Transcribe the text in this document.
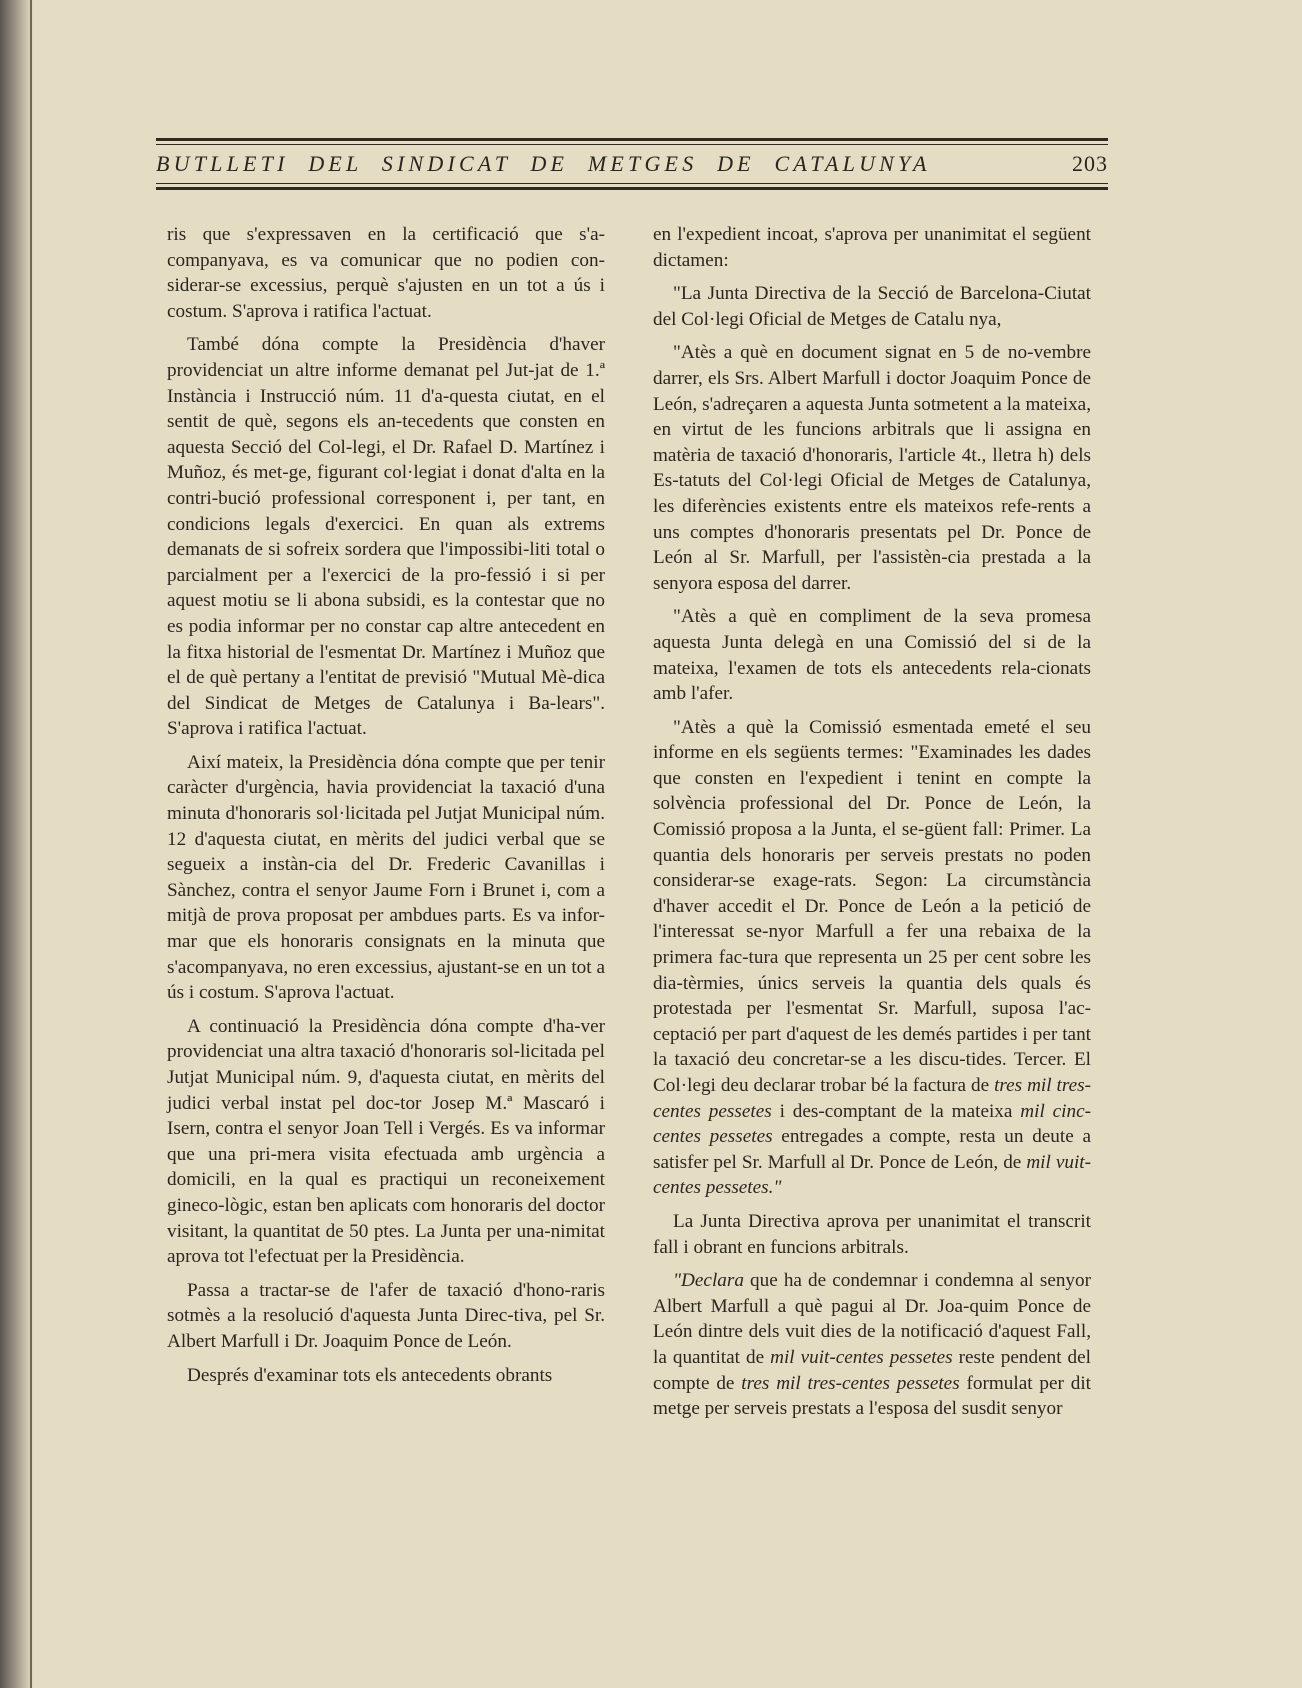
BUTLLETI DEL SINDICAT DE METGES DE CATALUNYA	203

ris que s'expressaven en la certificació que s'a-companyava, es va comunicar que no podien con-siderar-se excessius, perquè s'ajusten en un tot a ús i costum. S'aprova i ratifica l'actuat.

També dóna compte la Presidència d'haver providenciat un altre informe demanat pel Jut-jat de 1.ª Instància i Instrucció núm. 11 d'a-questa ciutat, en el sentit de què, segons els an-tecedents que consten en aquesta Secció del Col-legi, el Dr. Rafael D. Martínez i Muñoz, és met-ge, figurant col·legiat i donat d'alta en la contri-bució professional corresponent i, per tant, en condicions legals d'exercici. En quan als extrems demanats de si sofreix sordera que l'impossibi-liti total o parcialment per a l'exercici de la pro-fessió i si per aquest motiu se li abona subsidi, es la contestar que no es podia informar per no constar cap altre antecedent en la fitxa historial de l'esmentat Dr. Martínez i Muñoz que el de què pertany a l'entitat de previsió "Mutual Mè-dica del Sindicat de Metges de Catalunya i Ba-lears". S'aprova i ratifica l'actuat.

Així mateix, la Presidència dóna compte que per tenir caràcter d'urgència, havia providenciat la taxació d'una minuta d'honoraris sol·licitada pel Jutjat Municipal núm. 12 d'aquesta ciutat, en mèrits del judici verbal que se segueix a instàn-cia del Dr. Frederic Cavanillas i Sànchez, contra el senyor Jaume Forn i Brunet i, com a mitjà de prova proposat per ambdues parts. Es va infor-mar que els honoraris consignats en la minuta que s'acompanyava, no eren excessius, ajustant-se en un tot a ús i costum. S'aprova l'actuat.

A continuació la Presidència dóna compte d'ha-ver providenciat una altra taxació d'honoraris sol-licitada pel Jutjat Municipal núm. 9, d'aquesta ciutat, en mèrits del judici verbal instat pel doc-tor Josep M.ª Mascaró i Isern, contra el senyor Joan Tell i Vergés. Es va informar que una pri-mera visita efectuada amb urgència a domicili, en la qual es practiqui un reconeixement gineco-lògic, estan ben aplicats com honoraris del doctor visitant, la quantitat de 50 ptes. La Junta per una-nimitat aprova tot l'efectuat per la Presidència.

Passa a tractar-se de l'afer de taxació d'hono-raris sotmès a la resolució d'aquesta Junta Direc-tiva, pel Sr. Albert Marfull i Dr. Joaquim Ponce de León.

Després d'examinar tots els antecedents obrants

en l'expedient incoat, s'aprova per unanimitat el següent dictamen:

"La Junta Directiva de la Secció de Barcelona-Ciutat del Col·legi Oficial de Metges de Catalu nya,

"Atès a què en document signat en 5 de no-vembre darrer, els Srs. Albert Marfull i doctor Joaquim Ponce de León, s'adreçaren a aquesta Junta sotmetent a la mateixa, en virtut de les funcions arbitrals que li assigna en matèria de taxació d'honoraris, l'article 4t., lletra h) dels Es-tatuts del Col·legi Oficial de Metges de Catalunya, les diferències existents entre els mateixos refe-rents a uns comptes d'honoraris presentats pel Dr. Ponce de León al Sr. Marfull, per l'assistèn-cia prestada a la senyora esposa del darrer.

"Atès a què en compliment de la seva promesa aquesta Junta delegà en una Comissió del si de la mateixa, l'examen de tots els antecedents rela-cionats amb l'afer.

"Atès a què la Comissió esmentada emeté el seu informe en els següents termes: "Examinades les dades que consten en l'expedient i tenint en compte la solvència professional del Dr. Ponce de León, la Comissió proposa a la Junta, el se-güent fall: Primer. La quantia dels honoraris per serveis prestats no poden considerar-se exage-rats. Segon: La circumstància d'haver accedit el Dr. Ponce de León a la petició de l'interessat se-nyor Marfull a fer una rebaixa de la primera fac-tura que representa un 25 per cent sobre les dia-tèrmies, únics serveis la quantia dels quals és protestada per l'esmentat Sr. Marfull, suposa l'ac-ceptació per part d'aquest de les demés partides i per tant la taxació deu concretar-se a les discu-tides. Tercer. El Col·legi deu declarar trobar bé la factura de tres mil tres-centes pessetes i des-comptant de la mateixa mil cinc-centes pessetes entregades a compte, resta un deute a satisfer pel Sr. Marfull al Dr. Ponce de León, de mil vuit-centes pessetes."

La Junta Directiva aprova per unanimitat el transcrit fall i obrant en funcions arbitrals.

"Declara que ha de condemnar i condemna al senyor Albert Marfull a què pagui al Dr. Joa-quim Ponce de León dintre dels vuit dies de la notificació d'aquest Fall, la quantitat de mil vuit-centes pessetes reste pendent del compte de tres mil tres-centes pessetes formulat per dit metge per serveis prestats a l'esposa del susdit senyor
